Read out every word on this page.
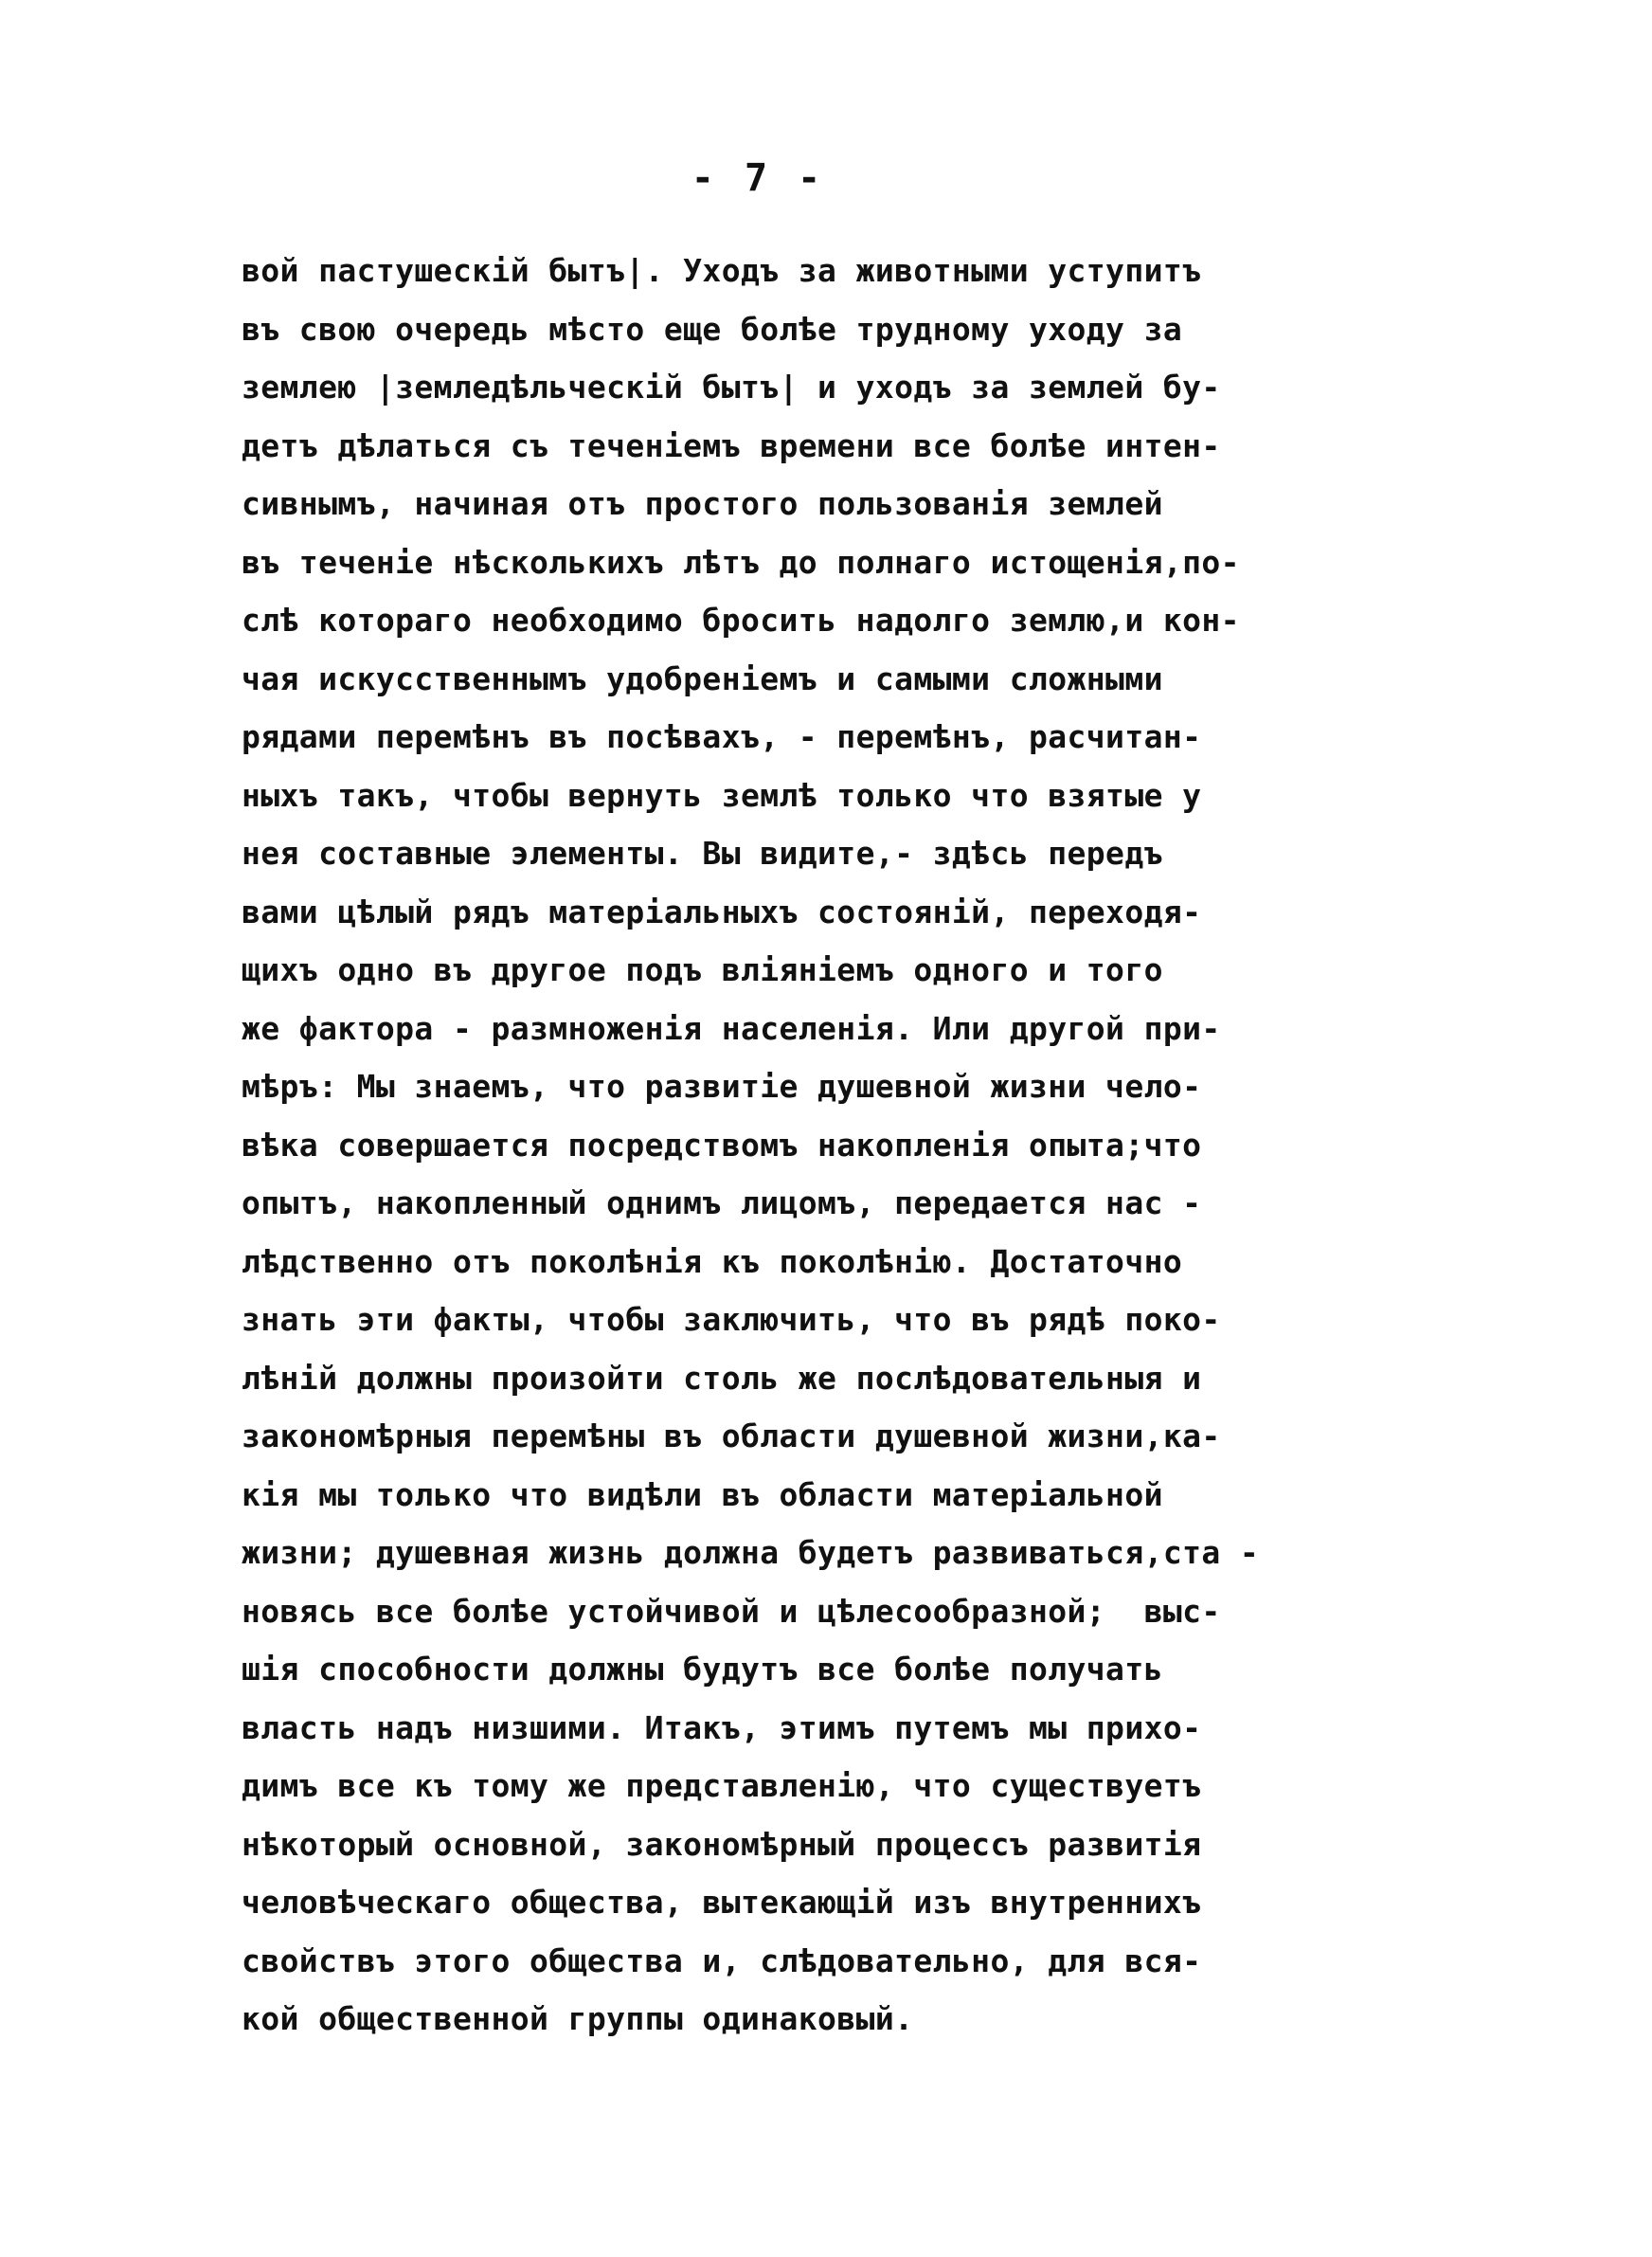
- 7 -
вой пастушескій бытъ|. Уходъ за животными уступитъ
въ свою очередь мѣсто еще болѣе трудному уходу за
землею |земледѣльческій бытъ| и уходъ за землей бу-
детъ дѣлаться съ теченіемъ времени все болѣе интен-
сивнымъ, начиная отъ простого пользованія землей
въ теченіе нѣсколькихъ лѣтъ до полнаго истощенія,по-
слѣ котораго необходимо бросить надолго землю,и кон-
чая искусственнымъ удобреніемъ и самыми сложными
рядами перемѣнъ въ посѣвахъ, - перемѣнъ, расчитан-
ныхъ такъ, чтобы вернуть землѣ только что взятые у
нея составные элементы. Вы видите,- здѣсь передъ
вами цѣлый рядъ матеріальныхъ состояній, переходя-
щихъ одно въ другое подъ вліяніемъ одного и того
же фактора - размноженія населенія. Или другой при-
мѣръ: Мы знаемъ, что развитіе душевной жизни чело-
вѣка совершается посредствомъ накопленія опыта;что
опытъ, накопленный однимъ лицомъ, передается нас -
лѣдственно отъ поколѣнія къ поколѣнію. Достаточно
знать эти факты, чтобы заключить, что въ рядѣ поко-
лѣній должны произойти столь же послѣдовательныя и
закономѣрныя перемѣны въ области душевной жизни,ка-
кія мы только что видѣли въ области матеріальной
жизни; душевная жизнь должна будетъ развиваться,ста -
новясь все болѣе устойчивой и цѣлесообразной;  выс-
шія способности должны будутъ все болѣе получать
власть надъ низшими. Итакъ, этимъ путемъ мы прихо-
димъ все къ тому же представленію, что существуетъ
нѣкоторый основной, закономѣрный процессъ развитія
человѣческаго общества, вытекающій изъ внутреннихъ
свойствъ этого общества и, слѣдовательно, для вся-
кой общественной группы одинаковый.
